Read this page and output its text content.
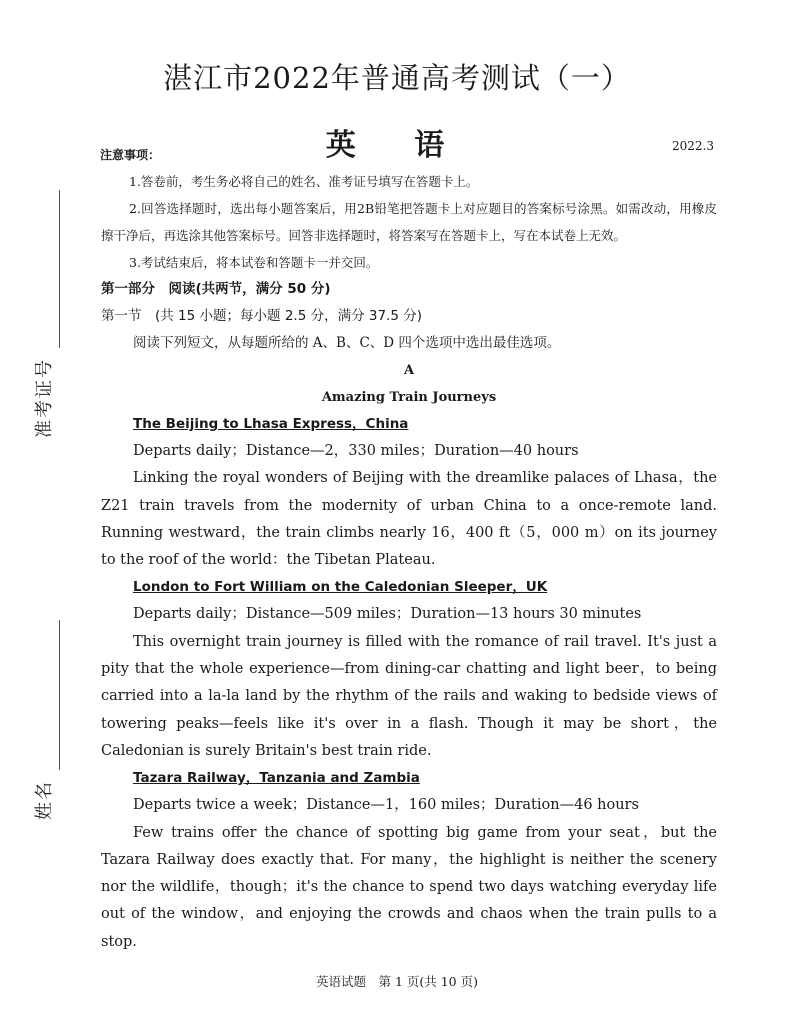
准考证号
姓名
湛江市2022年普通高考测试（一）
英 语	2022.3
注意事项：

1.答卷前，考生务必将自己的姓名、准考证号填写在答题卡上。

2.回答选择题时，选出每小题答案后，用2B铅笔把答题卡上对应题目的答案标号涂黑。如需改动，用橡皮擦干净后，再选涂其他答案标号。回答非选择题时，将答案写在答题卡上，写在本试卷上无效。

3.考试结束后，将本试卷和答题卡一并交回。

第一部分　阅读(共两节，满分 50 分)

第一节　(共 15 小题；每小题 2.5 分，满分 37.5 分)

阅读下列短文，从每题所给的 A、B、C、D 四个选项中选出最佳选项。

A

Amazing Train Journeys

The Beijing to Lhasa Express，China

Departs daily；Distance—2，330 miles；Duration—40 hours

Linking the royal wonders of Beijing with the dreamlike palaces of Lhasa，the Z21 train travels from the modernity of urban China to a once-remote land. Running westward，the train climbs nearly 16，400 ft（5，000 m）on its journey to the roof of the world：the Tibetan Plateau.

London to Fort William on the Caledonian Sleeper，UK

Departs daily；Distance—509 miles；Duration—13 hours 30 minutes

This overnight train journey is filled with the romance of rail travel. It's just a pity that the whole experience—from dining-car chatting and light beer，to being carried into a la-la land by the rhythm of the rails and waking to bedside views of towering peaks—feels like it's over in a flash. Though it may be short，the Caledonian is surely Britain's best train ride.

Tazara Railway，Tanzania and Zambia

Departs twice a week；Distance—1，160 miles；Duration—46 hours

Few trains offer the chance of spotting big game from your seat，but the Tazara Railway does exactly that. For many，the highlight is neither the scenery nor the wildlife，though；it's the chance to spend two days watching everyday life out of the window，and enjoying the crowds and chaos when the train pulls to a stop.

英语试题　第 1 页(共 10 页)
